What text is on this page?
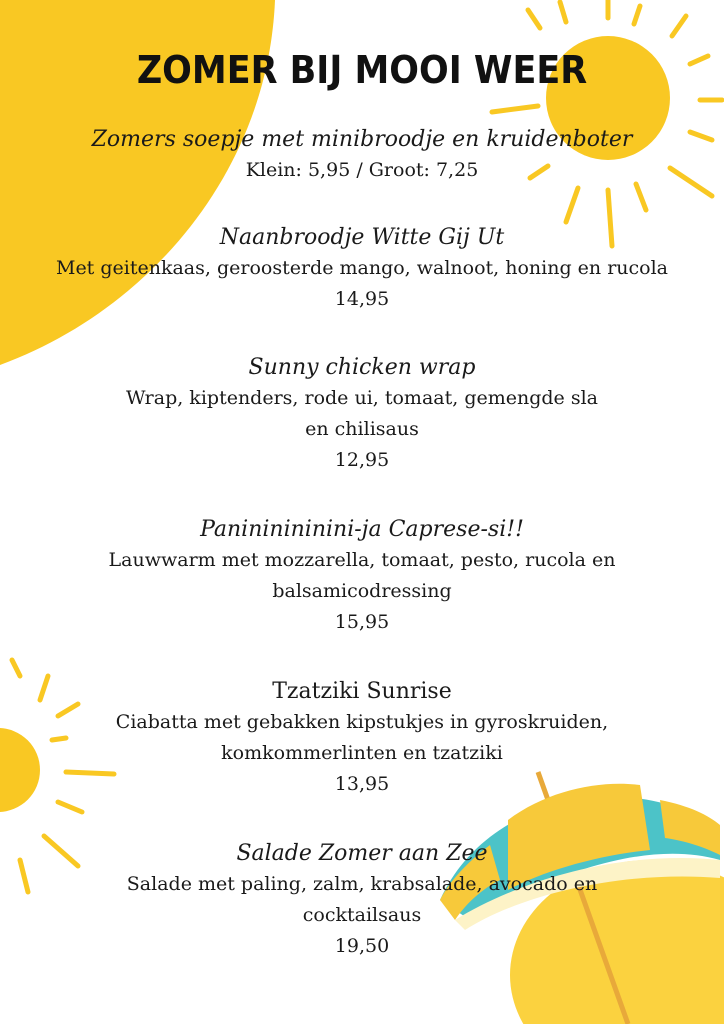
ZOMER BIJ MOOI WEER
Zomers soepje met minibroodje en kruidenboter
Klein: 5,95 / Groot: 7,25
Naanbroodje Witte Gij Ut
Met geitenkaas, geroosterde mango, walnoot, honing en rucola
14,95
Sunny chicken wrap
Wrap, kiptenders, rode ui, tomaat, gemengde sla
en chilisaus
12,95
Panininininini-ja Caprese-si!!
Lauwwarm met mozzarella, tomaat, pesto, rucola en
balsamicodressing
15,95
Tzatziki Sunrise
Ciabatta met gebakken kipstukjes in gyroskruiden,
komkommerlinten en tzatziki
13,95
Salade Zomer aan Zee
Salade met paling, zalm, krabsalade, avocado en
cocktailsaus
19,50
